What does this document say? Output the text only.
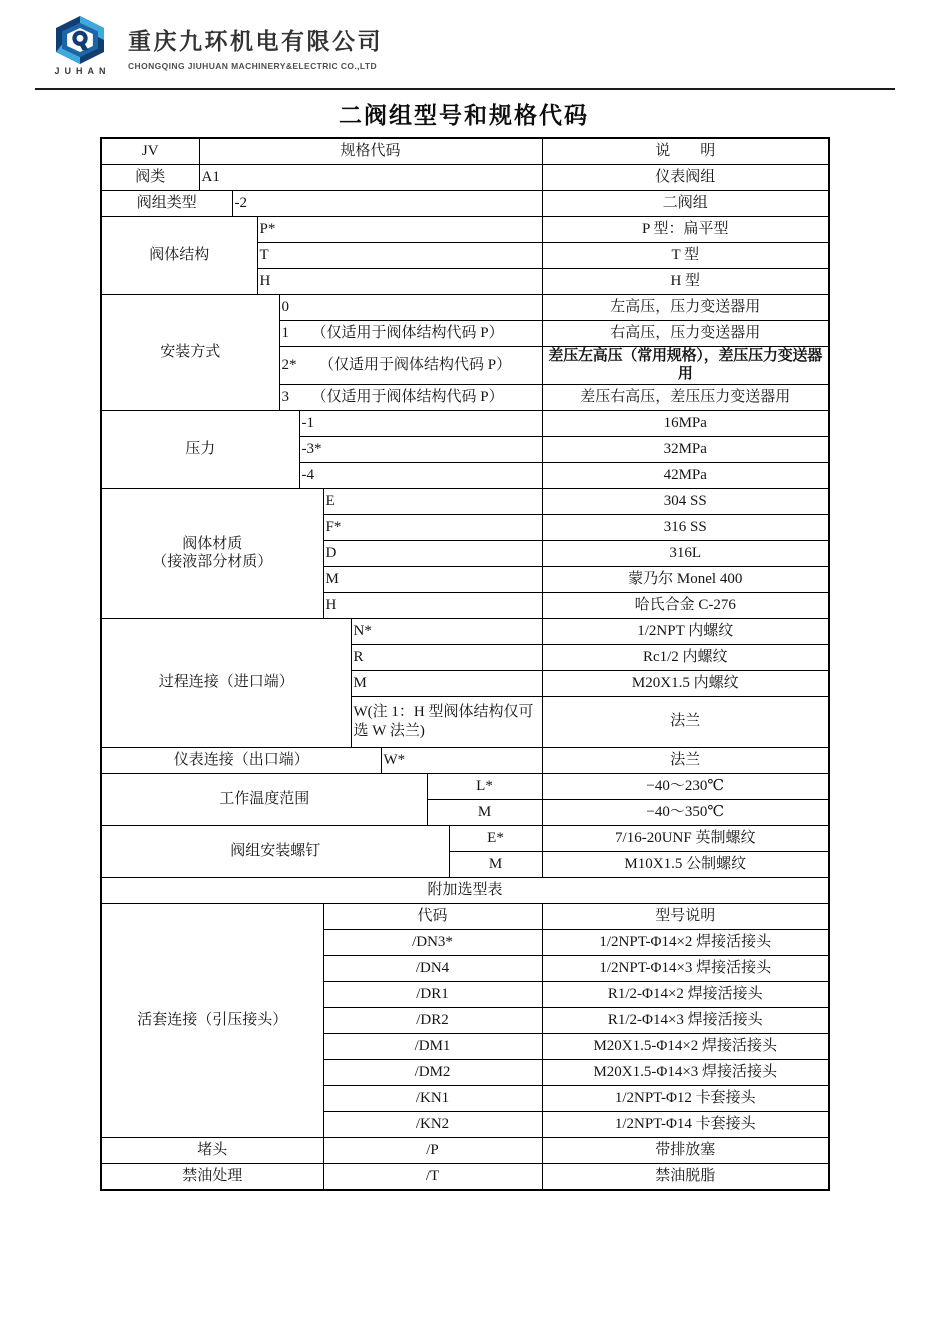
JUHAN
重庆九环机电有限公司
CHONGQING JIUHUAN MACHINERY&ELECTRIC CO.,LTD
二阀组型号和规格代码
JV	规格代码										说　　明
阀类	A1										仪表阀组
阀组类型		-2									二阀组
阀体结构			P*								P 型：扁平型
			T								T 型
			H								H 型
安装方式				0							左高压，压力变送器用
				1　　（仅适用于阀体结构代码 P）							右高压，压力变送器用
				2*　　（仅适用于阀体结构代码 P）							差压左高压（常用规格），差压压力变送器用
				3　　（仅适用于阀体结构代码 P）							差压右高压，差压压力变送器用
压力					-1						16MPa
					-3*						32MPa
					-4						42MPa

阀体材质
（接液部分材质）						E					304 SS
						F*					316 SS
						D					316L
						M					蒙乃尔 Monel 400
						H					哈氏合金 C-276
过程连接（进口端）							N*				1/2NPT 内螺纹
							R				Rc1/2 内螺纹
							M				M20X1.5 内螺纹
							W(注 1：H 型阀体结构仅可选 W 法兰)				法兰
仪表连接（出口端）								W*			法兰
工作温度范围									L*		−40～230℃
									M		−40～350℃
阀组安装螺钉										E*	7/16-20UNF 英制螺纹
										M	M10X1.5 公制螺纹
附加选型表											
活套连接（引压接头）						代码					型号说明
						/DN3*					1/2NPT-Φ14×2 焊接活接头
						/DN4					1/2NPT-Φ14×3 焊接活接头
						/DR1					R1/2-Φ14×2 焊接活接头
						/DR2					R1/2-Φ14×3 焊接活接头
						/DM1					M20X1.5-Φ14×2 焊接活接头
						/DM2					M20X1.5-Φ14×3 焊接活接头
						/KN1					1/2NPT-Φ12 卡套接头
						/KN2					1/2NPT-Φ14 卡套接头
堵头						/P					带排放塞
禁油处理						/T					禁油脱脂
